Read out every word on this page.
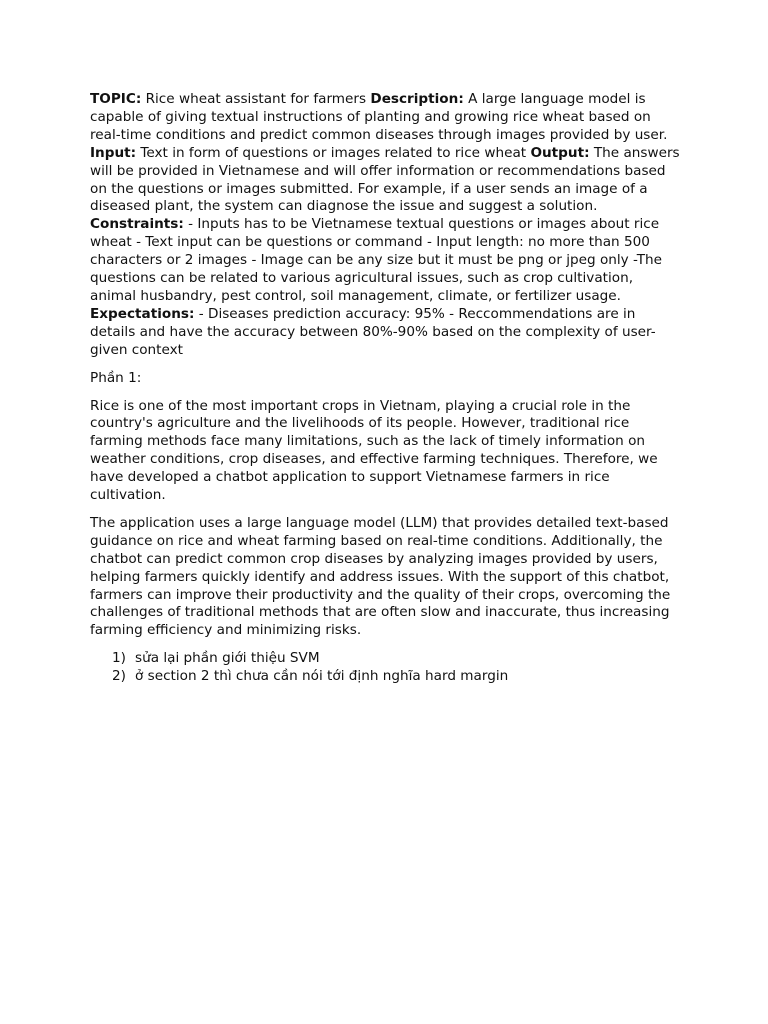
TOPIC: Rice wheat assistant for farmers Description: A large language model is capable of giving textual instructions of planting and growing rice wheat based on real-time conditions and predict common diseases through images provided by user. Input: Text in form of questions or images related to rice wheat Output: The answers will be provided in Vietnamese and will offer information or recommendations based on the questions or images submitted. For example, if a user sends an image of a diseased plant, the system can diagnose the issue and suggest a solution. Constraints: - Inputs has to be Vietnamese textual questions or images about rice wheat - Text input can be questions or command - Input length: no more than 500 characters or 2 images - Image can be any size but it must be png or jpeg only -The questions can be related to various agricultural issues, such as crop cultivation, animal husbandry, pest control, soil management, climate, or fertilizer usage. Expectations: - Diseases prediction accuracy: 95% - Reccommendations are in details and have the accuracy between 80%-90% based on the complexity of user-given context

Phần 1:

Rice is one of the most important crops in Vietnam, playing a crucial role in the country's agriculture and the livelihoods of its people. However, traditional rice farming methods face many limitations, such as the lack of timely information on weather conditions, crop diseases, and effective farming techniques. Therefore, we have developed a chatbot application to support Vietnamese farmers in rice cultivation.

The application uses a large language model (LLM) that provides detailed text-based guidance on rice and wheat farming based on real-time conditions. Additionally, the chatbot can predict common crop diseases by analyzing images provided by users, helping farmers quickly identify and address issues. With the support of this chatbot, farmers can improve their productivity and the quality of their crops, overcoming the challenges of traditional methods that are often slow and inaccurate, thus increasing farming efficiency and minimizing risks.

1) sửa lại phần giới thiệu SVM
2) ở section 2 thì chưa cần nói tới định nghĩa hard margin
